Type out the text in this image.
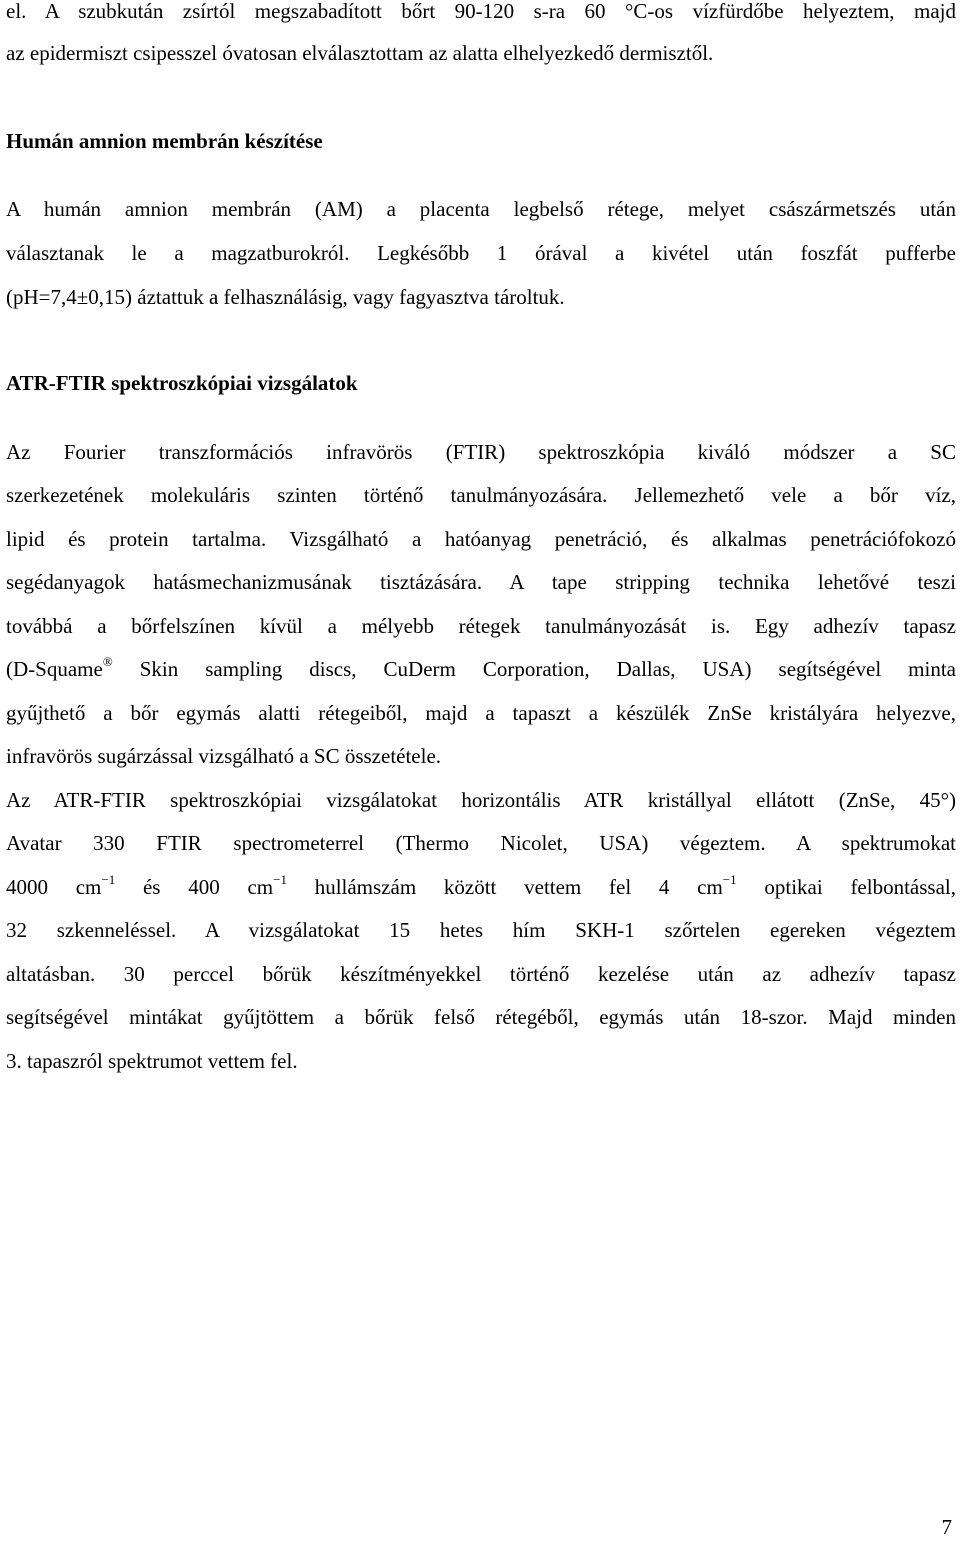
el. A szubkután zsírtól megszabadított bőrt 90-120 s-ra 60 °C-os vízfürdőbe helyeztem, majd
az epidermiszt csipesszel óvatosan elválasztottam az alatta elhelyezkedő dermisztől.
Humán amnion membrán készítése
A humán amnion membrán (AM) a placenta legbelső rétege, melyet császármetszés után
választanak le a magzatburokról. Legkésőbb 1 órával a kivétel után foszfát pufferbe
(pH=7,4±0,15) áztattuk a felhasználásig, vagy fagyasztva tároltuk.
ATR-FTIR spektroszkópiai vizsgálatok
Az Fourier transzformációs infravörös (FTIR) spektroszkópia kiváló módszer a SC
szerkezetének molekuláris szinten történő tanulmányozására. Jellemezhető vele a bőr víz,
lipid és protein tartalma. Vizsgálható a hatóanyag penetráció, és alkalmas penetrációfokozó
segédanyagok hatásmechanizmusának tisztázására. A tape stripping technika lehetővé teszi
továbbá a bőrfelszínen kívül a mélyebb rétegek tanulmányozását is. Egy adhezív tapasz
(D-Squame® Skin sampling discs, CuDerm Corporation, Dallas, USA) segítségével minta
gyűjthető a bőr egymás alatti rétegeiből, majd a tapaszt a készülék ZnSe kristályára helyezve,
infravörös sugárzással vizsgálható a SC összetétele.
Az ATR-FTIR spektroszkópiai vizsgálatokat horizontális ATR kristállyal ellátott (ZnSe, 45°)
Avatar 330 FTIR spectrometerrel (Thermo Nicolet, USA) végeztem. A spektrumokat
4000 $cm^{-1}$ és 400 $cm^{-1}$ hullámszám között vettem fel 4 $cm^{-1}$ optikai felbontással,
32 szkenneléssel. A vizsgálatokat 15 hetes hím SKH-1 szőrtelen egereken végeztem
altatásban. 30 perccel bőrük készítményekkel történő kezelése után az adhezív tapasz
segítségével mintákat gyűjtöttem a bőrük felső rétegéből, egymás után 18-szor. Majd minden
3. tapaszról spektrumot vettem fel.
7
